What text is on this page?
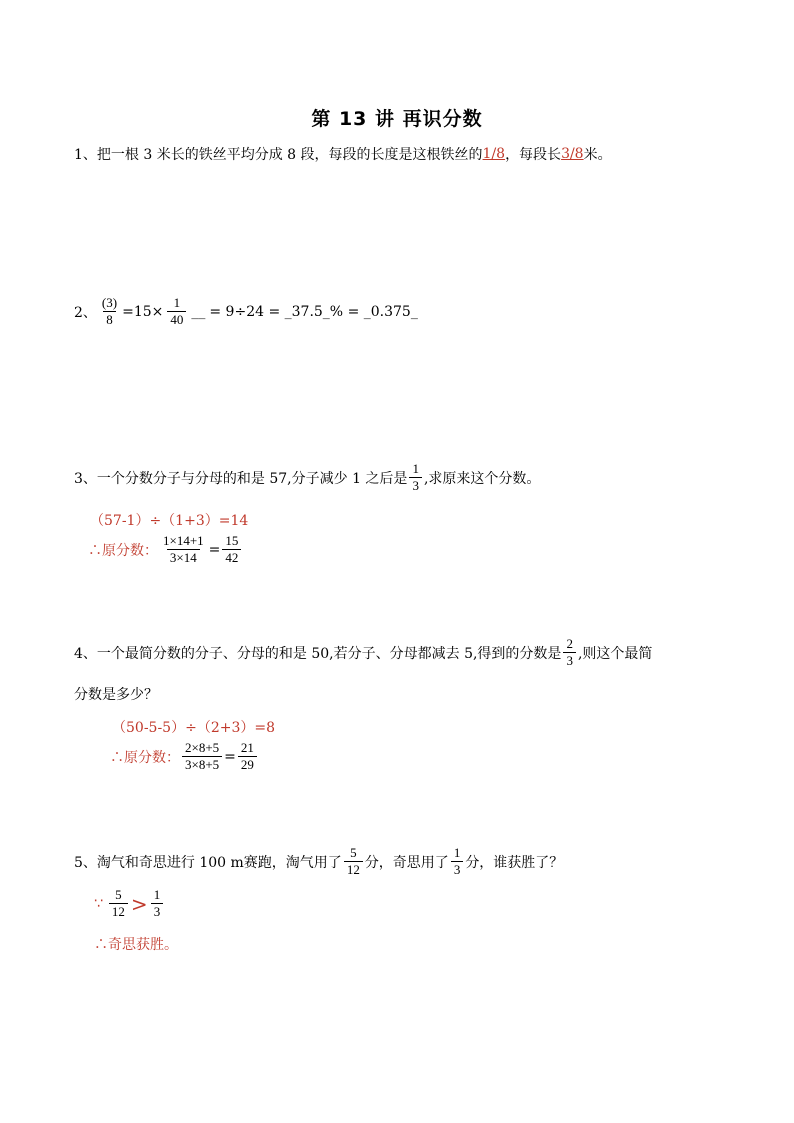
第 13 讲 再识分数
1、把一根 3 米长的铁丝平均分成 8 段，每段的长度是这根铁丝的 1/8 ，每段长 3/8 米。
2、 $\frac{(3)}{8} =15\times \frac{1}{40}$ __ = 9÷24 = _37.5_% = _0.375_
3、一个分数分子与分母的和是 57,分子减少 1 之后是 $\frac{1}{3}$ ,求原来这个分数。
（57-1）÷（1+3）=14
∴原分数： $\frac{1\times 14+1}{3\times 14} = \frac{15}{42}$
4、一个最简分数的分子、分母的和是 50,若分子、分母都减去 5,得到的分数是 $\frac{2}{3}$ ,则这个最简
分数是多少？
（50-5-5）÷（2+3）=8
∴原分数： $\frac{2\times 8+5}{3\times 8+5} = \frac{21}{29}$
5、淘气和奇思进行 100 m赛跑，淘气用了 $\frac{5}{12}$ 分，奇思用了 $\frac{1}{3}$ 分，谁获胜了？
∵ $\frac{5}{12} > \frac{1}{3}$
∴奇思获胜。
